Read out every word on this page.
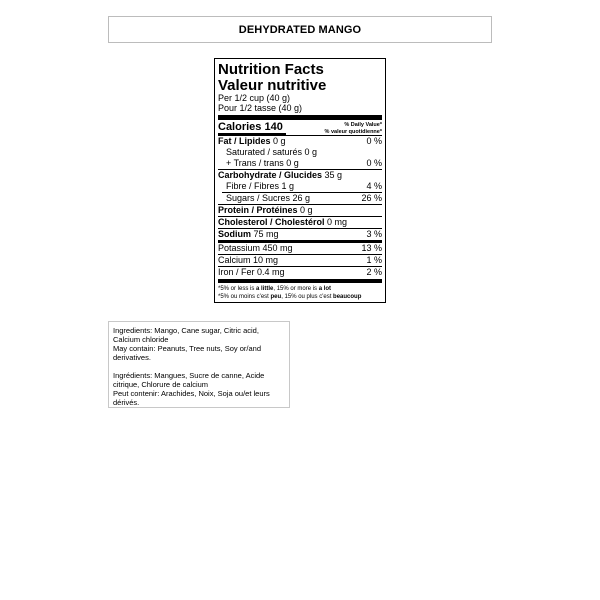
DEHYDRATED MANGO
Nutrition Facts
Valeur nutritive
Per 1/2 cup (40 g)
Pour 1/2 tasse (40 g)
Calories 140	% Daily Value*
% valeur quotidienne*
Fat / Lipides 0 g	0 %
Saturated / saturés 0 g
+ Trans / trans 0 g	0 %
Carbohydrate / Glucides 35 g
Fibre / Fibres 1 g	4 %
Sugars / Sucres 26 g	26 %
Protein / Protéines 0 g
Cholesterol / Cholestérol 0 mg
Sodium 75 mg	3 %
Potassium 450 mg	13 %
Calcium 10 mg	1 %
Iron / Fer 0.4 mg	2 %
*5% or less is a little, 15% or more is a lot
*5% ou moins c'est peu, 15% ou plus c'est beaucoup

Ingredients: Mango, Cane sugar, Citric acid, Calcium chloride

May contain: Peanuts, Tree nuts, Soy or/and derivatives.

Ingrédients: Mangues, Sucre de canne, Acide citrique, Chlorure de calcium

Peut contenir: Arachides, Noix, Soja ou/et leurs dérivés.
